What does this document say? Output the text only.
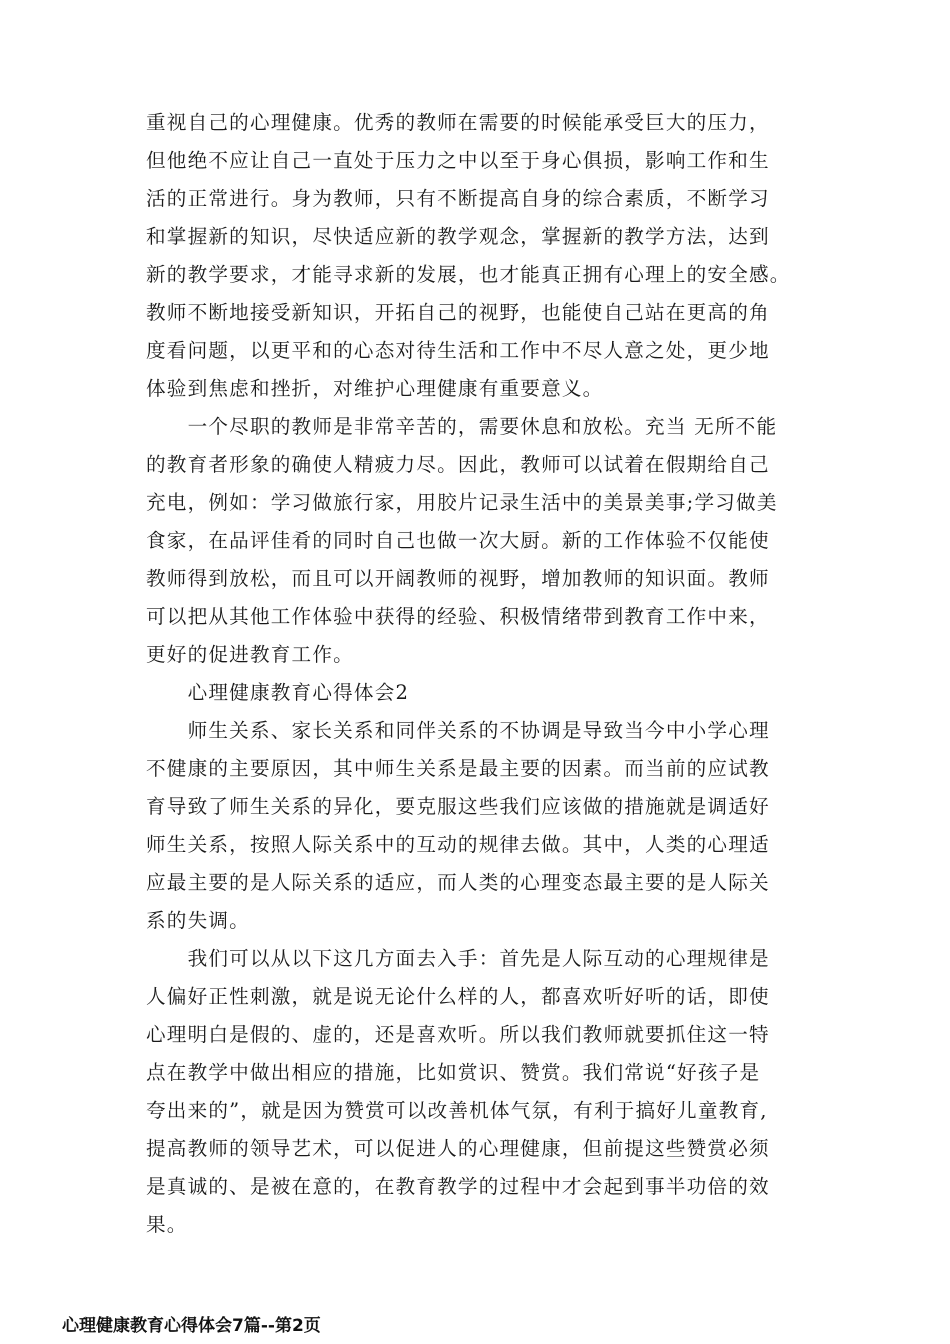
重视自己的心理健康。优秀的教师在需要的时候能承受巨大的压力，
但他绝不应让自己一直处于压力之中以至于身心俱损，影响工作和生
活的正常进行。身为教师，只有不断提高自身的综合素质，不断学习
和掌握新的知识，尽快适应新的教学观念，掌握新的教学方法，达到
新的教学要求，才能寻求新的发展，也才能真正拥有心理上的安全感。
教师不断地接受新知识，开拓自己的视野，也能使自己站在更高的角
度看问题，以更平和的心态对待生活和工作中不尽人意之处，更少地
体验到焦虑和挫折，对维护心理健康有重要意义。
　　一个尽职的教师是非常辛苦的，需要休息和放松。充当 无所不能
的教育者形象的确使人精疲力尽。因此，教师可以试着在假期给自己
充电，例如：学习做旅行家，用胶片记录生活中的美景美事;学习做美
食家，在品评佳肴的同时自己也做一次大厨。新的工作体验不仅能使
教师得到放松，而且可以开阔教师的视野，增加教师的知识面。教师
可以把从其他工作体验中获得的经验、积极情绪带到教育工作中来，
更好的促进教育工作。
　　心理健康教育心得体会2
　　师生关系、家长关系和同伴关系的不协调是导致当今中小学心理
不健康的主要原因，其中师生关系是最主要的因素。而当前的应试教
育导致了师生关系的异化，要克服这些我们应该做的措施就是调适好
师生关系，按照人际关系中的互动的规律去做。其中，人类的心理适
应最主要的是人际关系的适应，而人类的心理变态最主要的是人际关
系的失调。
　　我们可以从以下这几方面去入手：首先是人际互动的心理规律是
人偏好正性刺激，就是说无论什么样的人，都喜欢听好听的话，即使
心理明白是假的、虚的，还是喜欢听。所以我们教师就要抓住这一特
点在教学中做出相应的措施，比如赏识、赞赏。我们常说“好孩子是
夸出来的”，就是因为赞赏可以改善机体气氛，有利于搞好儿童教育,
提高教师的领导艺术，可以促进人的心理健康，但前提这些赞赏必须
是真诚的、是被在意的，在教育教学的过程中才会起到事半功倍的效
果。
心理健康教育心得体会7篇--第2页
